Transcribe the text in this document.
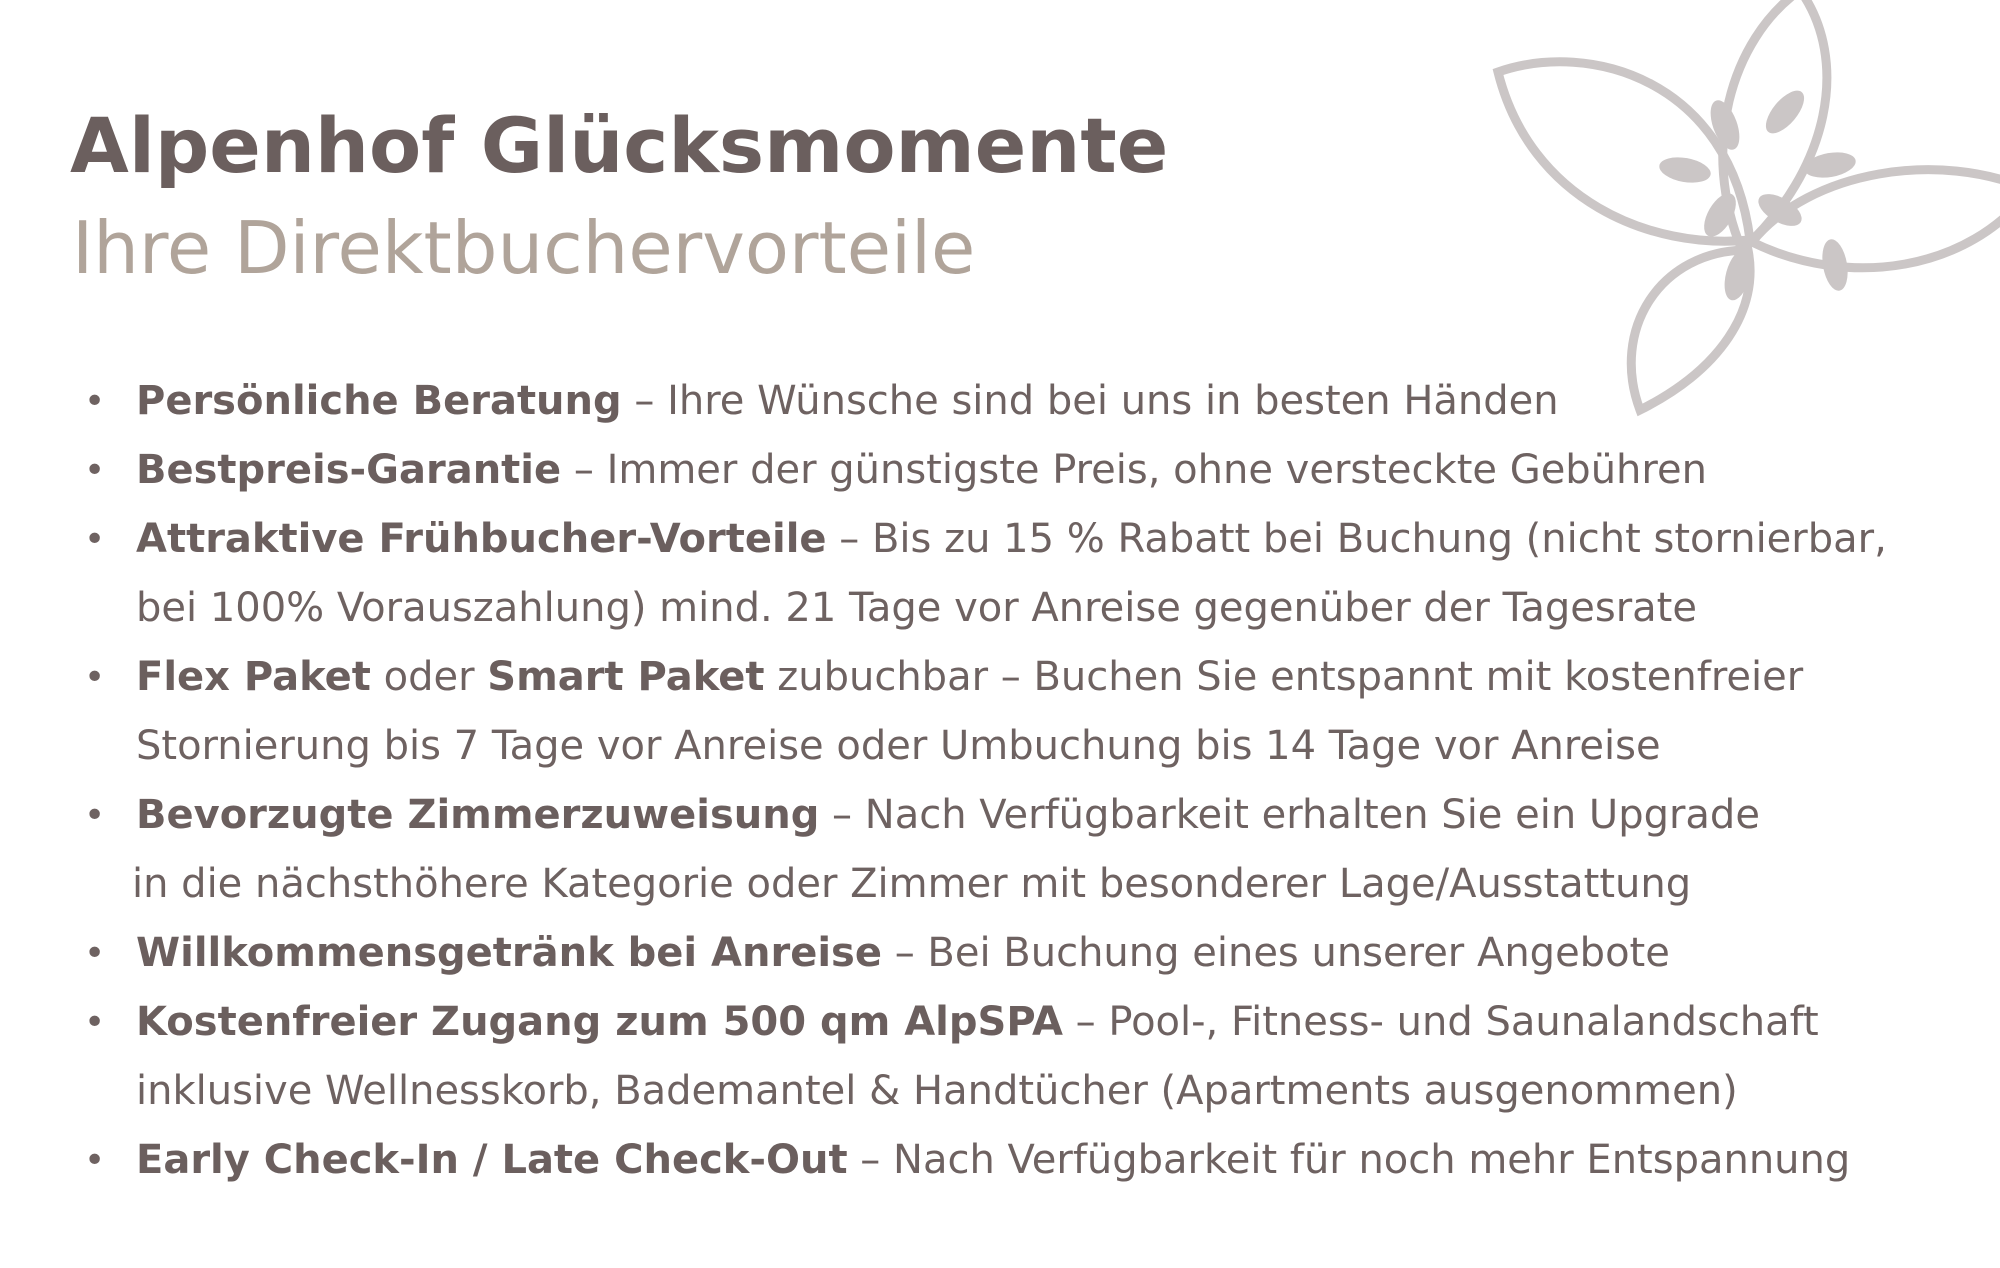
Alpenhof Glücksmomente
Ihre Direktbuchervorteile
• Persönliche Beratung – Ihre Wünsche sind bei uns in besten Händen
• Bestpreis-Garantie – Immer der günstigste Preis, ohne versteckte Gebühren
• Attraktive Frühbucher-Vorteile – Bis zu 15 % Rabatt bei Buchung (nicht stornierbar,
bei 100% Vorauszahlung) mind. 21 Tage vor Anreise gegenüber der Tagesrate
• Flex Paket oder Smart Paket zubuchbar – Buchen Sie entspannt mit kostenfreier
Stornierung bis 7 Tage vor Anreise oder Umbuchung bis 14 Tage vor Anreise
• Bevorzugte Zimmerzuweisung – Nach Verfügbarkeit erhalten Sie ein Upgrade
in die nächsthöhere Kategorie oder Zimmer mit besonderer Lage/Ausstattung
• Willkommensgetränk bei Anreise – Bei Buchung eines unserer Angebote
• Kostenfreier Zugang zum 500 qm AlpSPA – Pool-, Fitness- und Saunalandschaft
inklusive Wellnesskorb, Bademantel & Handtücher (Apartments ausgenommen)
• Early Check-In / Late Check-Out – Nach Verfügbarkeit für noch mehr Entspannung
